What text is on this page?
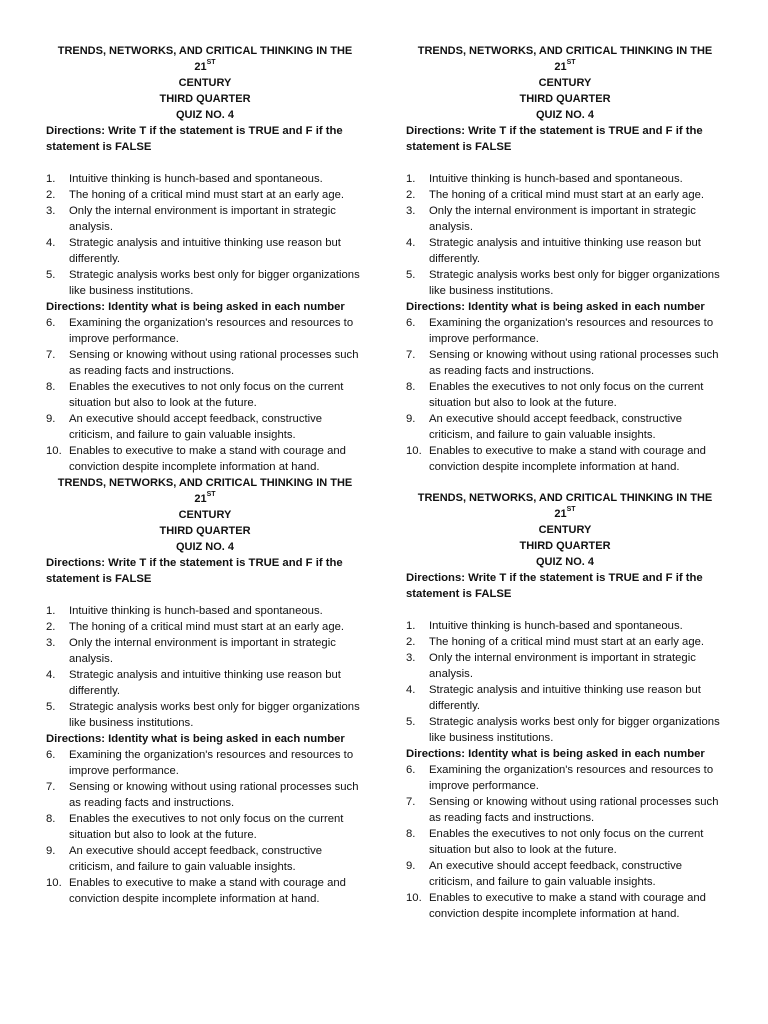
TRENDS, NETWORKS, AND CRITICAL THINKING IN THE 21ST

CENTURY

THIRD QUARTER

QUIZ NO. 4

Directions: Write T if the statement is TRUE and F if the statement is FALSE

1.	Intuitive thinking is hunch-based and spontaneous.
2.	The honing of a critical mind must start at an early age.
3.	Only the internal environment is important in strategic analysis.
4.	Strategic analysis and intuitive thinking use reason but differently.
5.	Strategic analysis works best only for bigger organizations like business institutions.

Directions: Identity what is being asked in each number

6.	Examining the organization's resources and resources to improve performance.
7.	Sensing or knowing without using rational processes such as reading facts and instructions.
8.	Enables the executives to not only focus on the current situation but also to look at the future.
9.	An executive should accept feedback, constructive criticism, and failure to gain valuable insights.
10. Enables to executive to make a stand with courage and conviction despite incomplete information at hand.

TRENDS, NETWORKS, AND CRITICAL THINKING IN THE 21ST

CENTURY

THIRD QUARTER

QUIZ NO. 4

Directions: Write T if the statement is TRUE and F if the statement is FALSE

1.	Intuitive thinking is hunch-based and spontaneous.
2.	The honing of a critical mind must start at an early age.
3.	Only the internal environment is important in strategic analysis.
4.	Strategic analysis and intuitive thinking use reason but differently.
5.	Strategic analysis works best only for bigger organizations like business institutions.

Directions: Identity what is being asked in each number

6.	Examining the organization's resources and resources to improve performance.
7.	Sensing or knowing without using rational processes such as reading facts and instructions.
8.	Enables the executives to not only focus on the current situation but also to look at the future.
9.	An executive should accept feedback, constructive criticism, and failure to gain valuable insights.
10. Enables to executive to make a stand with courage and conviction despite incomplete information at hand.

TRENDS, NETWORKS, AND CRITICAL THINKING IN THE 21ST

CENTURY

THIRD QUARTER

QUIZ NO. 4

Directions: Write T if the statement is TRUE and F if the statement is FALSE

1.	Intuitive thinking is hunch-based and spontaneous.
2.	The honing of a critical mind must start at an early age.
3.	Only the internal environment is important in strategic analysis.
4.	Strategic analysis and intuitive thinking use reason but differently.
5.	Strategic analysis works best only for bigger organizations like business institutions.

Directions: Identity what is being asked in each number

6.	Examining the organization's resources and resources to improve performance.
7.	Sensing or knowing without using rational processes such as reading facts and instructions.
8.	Enables the executives to not only focus on the current situation but also to look at the future.
9.	An executive should accept feedback, constructive criticism, and failure to gain valuable insights.
10. Enables to executive to make a stand with courage and conviction despite incomplete information at hand.

TRENDS, NETWORKS, AND CRITICAL THINKING IN THE 21ST

CENTURY

THIRD QUARTER

QUIZ NO. 4

Directions: Write T if the statement is TRUE and F if the statement is FALSE

1.	Intuitive thinking is hunch-based and spontaneous.
2.	The honing of a critical mind must start at an early age.
3.	Only the internal environment is important in strategic analysis.
4.	Strategic analysis and intuitive thinking use reason but differently.
5.	Strategic analysis works best only for bigger organizations like business institutions.

Directions: Identity what is being asked in each number

6.	Examining the organization's resources and resources to improve performance.
7.	Sensing or knowing without using rational processes such as reading facts and instructions.
8.	Enables the executives to not only focus on the current situation but also to look at the future.
9.	An executive should accept feedback, constructive criticism, and failure to gain valuable insights.
10. Enables to executive to make a stand with courage and conviction despite incomplete information at hand.
